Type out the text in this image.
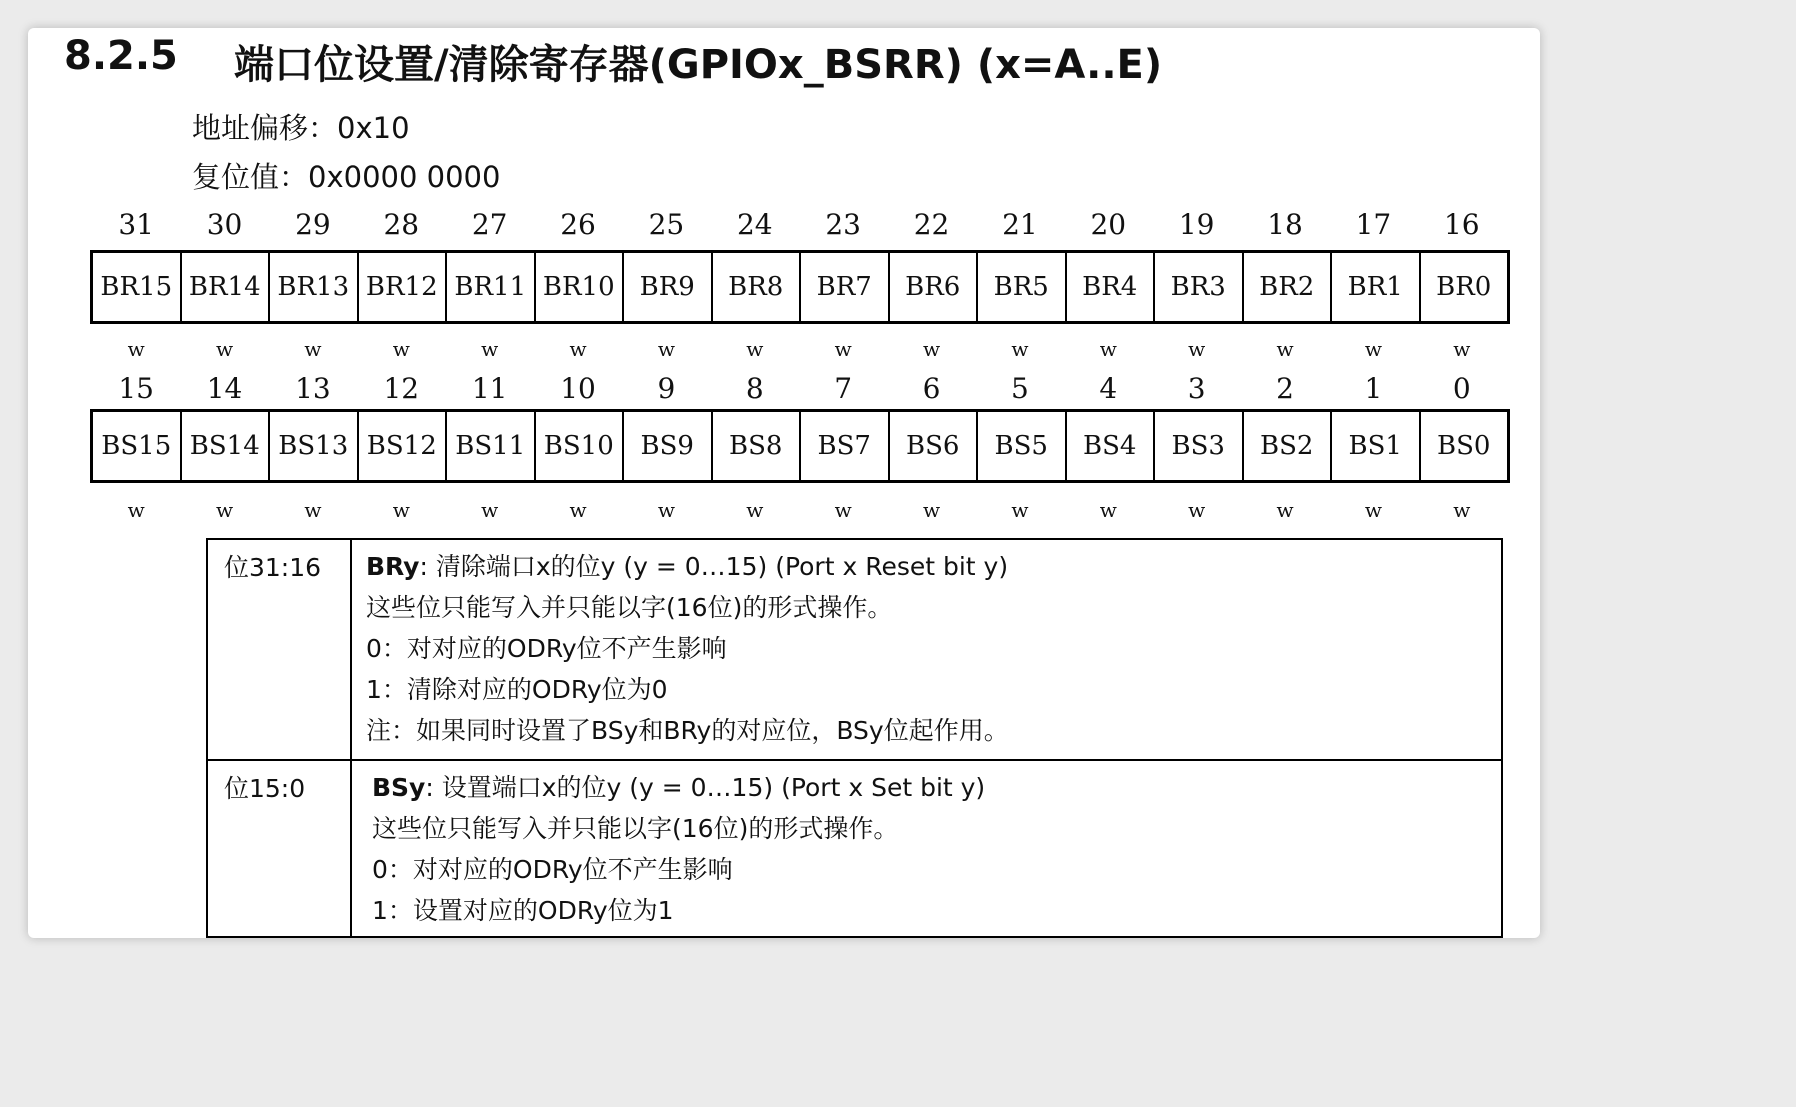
8.2.5 端口位设置/清除寄存器(GPIOx_BSRR) (x=A..E)
地址偏移：0x10
复位值：0x0000 0000
31	30	29	28	27	26	25	24	23	22	21	20	19	18	17	16
BR15 BR14 BR13 BR12 BR11 BR10 BR9	BR8	BR7	BR6	BR5	BR4	BR3	BR2	BR1	BR0
w	w	w	w	w	w	w	w	w	w	w	w	w	w	w	w
15	14	13	12	11	10	9	8	7	6	5	4	3	2	1	0
BS15 BS14 BS13 BS12 BS11 BS10	BS9	BS8	BS7	BS6	BS5	BS4	BS3	BS2	BS1	BS0
w	w	w	w	w	w	w	w	w	w	w	w	w	w	w	w
位31:16	BRy: 清除端口x的位y (y = 0…15) (Port x Reset bit y)
这些位只能写入并只能以字(16位)的形式操作。
0：对对应的ODRy位不产生影响
1：清除对应的ODRy位为0
注：如果同时设置了BSy和BRy的对应位，BSy位起作用。

位15:0	BSy: 设置端口x的位y (y = 0…15) (Port x Set bit y)
这些位只能写入并只能以字(16位)的形式操作。
0：对对应的ODRy位不产生影响
1：设置对应的ODRy位为1
